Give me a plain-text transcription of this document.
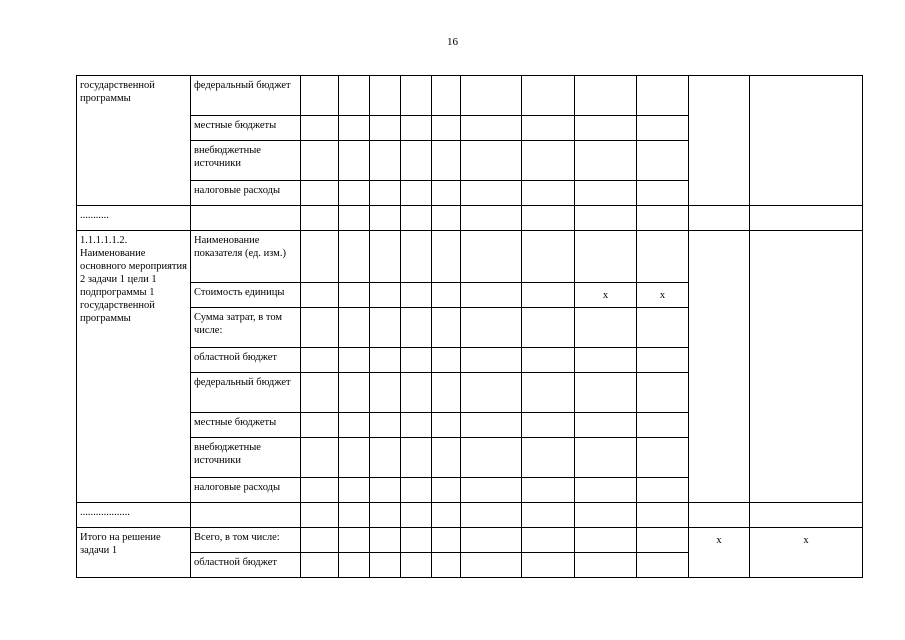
16
государственной программы	федеральный бюджет											
	местные бюджеты											
	внебюджетные источники											
	налоговые расходы											
...........												
1.1.1.1.1.2. Наименование основного мероприятия 2 задачи 1 цели 1 подпрограммы 1 государственной программы	Наименование показателя (ед. изм.)											
	Стоимость единицы								х	х		
	Сумма затрат, в том числе:											
	областной бюджет											
	федеральный бюджет											
	местные бюджеты											
	внебюджетные источники											
	налоговые расходы											
...................												
Итого на решение задачи 1	Всего, в том числе:										х	х
	областной бюджет											
